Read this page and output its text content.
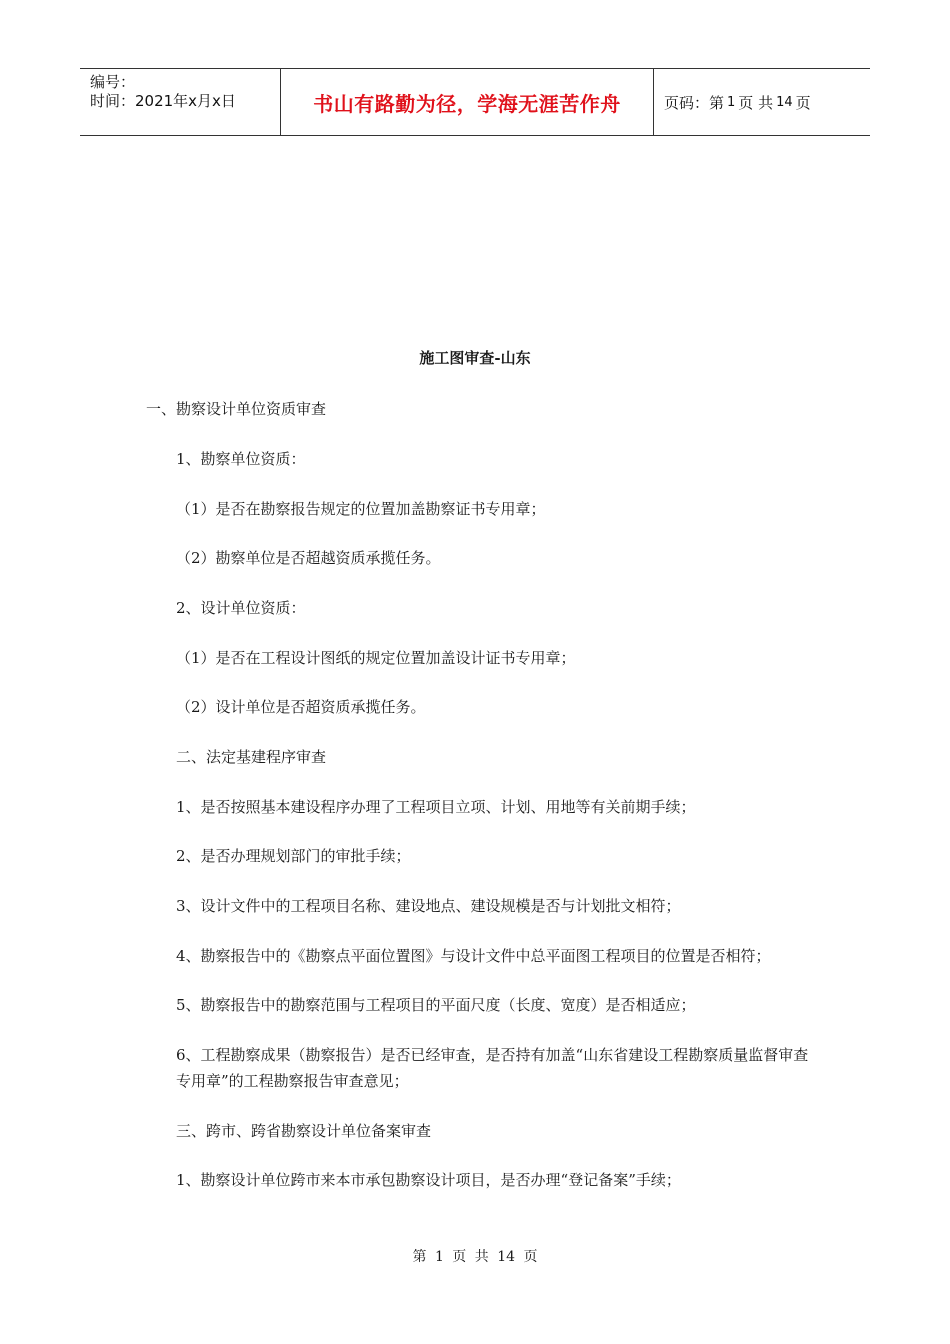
编号：
时间：2021年x月x日	书山有路勤为径，学海无涯苦作舟	页码：第 1 页 共 14 页
施工图审查-山东
一、勘察设计单位资质审查
1、勘察单位资质：
（1）是否在勘察报告规定的位置加盖勘察证书专用章；
（2）勘察单位是否超越资质承揽任务。
2、设计单位资质：
（1）是否在工程设计图纸的规定位置加盖设计证书专用章；
（2）设计单位是否超资质承揽任务。
二、法定基建程序审查
1、是否按照基本建设程序办理了工程项目立项、计划、用地等有关前期手续；
2、是否办理规划部门的审批手续；
3、设计文件中的工程项目名称、建设地点、建设规模是否与计划批文相符；
4、勘察报告中的《勘察点平面位置图》与设计文件中总平面图工程项目的位置是否相符；
5、勘察报告中的勘察范围与工程项目的平面尺度（长度、宽度）是否相适应；
6、工程勘察成果（勘察报告）是否已经审查，是否持有加盖“山东省建设工程勘察质量监督审查专用章”的工程勘察报告审查意见；
三、跨市、跨省勘察设计单位备案审查
1、勘察设计单位跨市来本市承包勘察设计项目，是否办理“登记备案”手续；
第 1 页 共 14 页
